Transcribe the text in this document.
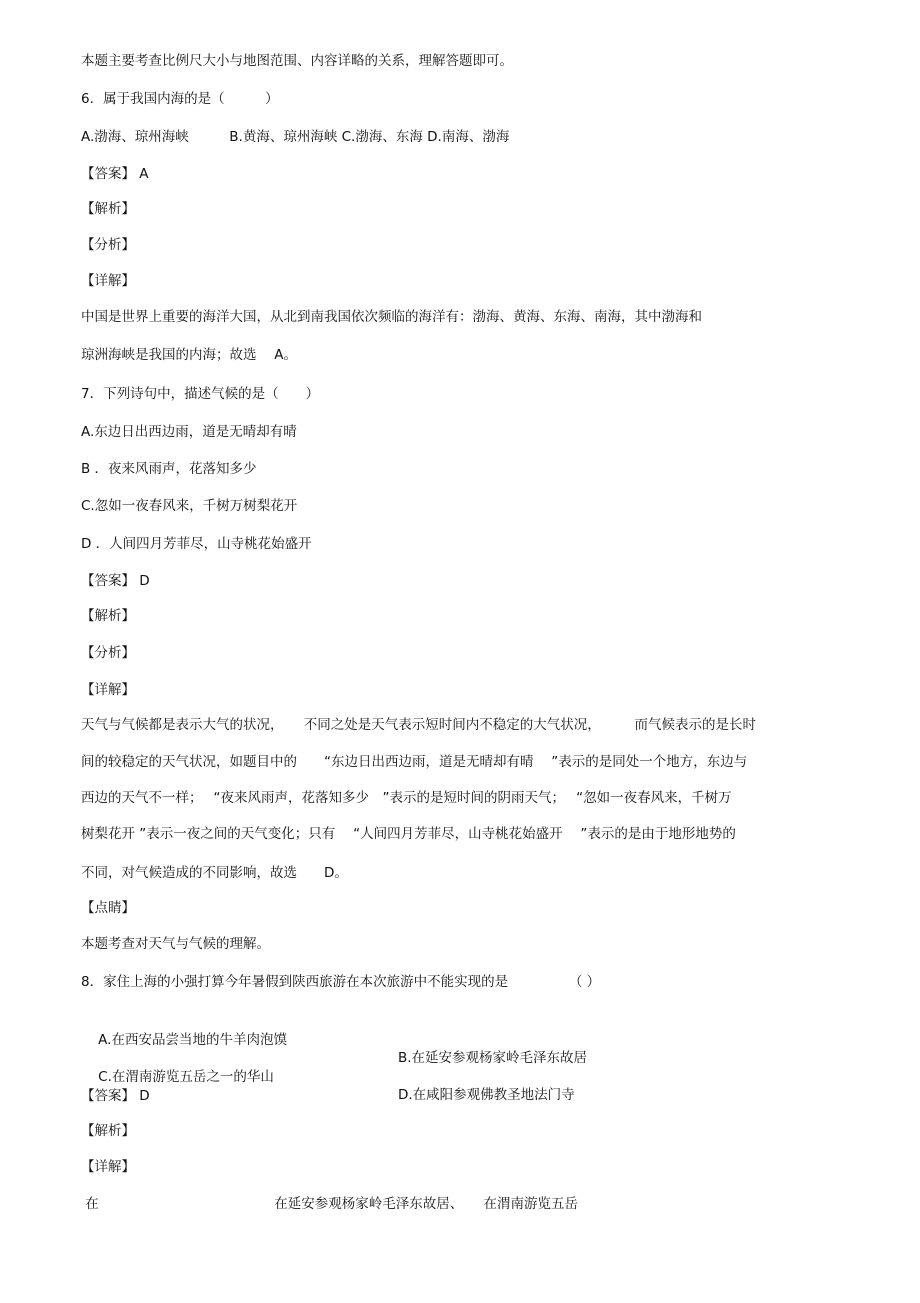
本题主要考查比例尺大小与地图范围、内容详略的关系，理解答题即可。
6．属于我国内海的是（　　　）
A.渤海、琼州海峡　　　B.黄海、琼州海峡 C.渤海、东海 D.南海、渤海
【答案】 A
【解析】
【分析】
【详解】
中国是世界上重要的海洋大国，从北到南我国依次频临的海洋有：渤海、黄海、东海、南海，其中渤海和
琼洲海峡是我国的内海；故选　 A。
7．下列诗句中，描述气候的是（　　）
A.东边日出西边雨，道是无晴却有晴
B ．夜来风雨声，花落知多少
C.忽如一夜春风来，千树万树梨花开
D ．人间四月芳菲尽，山寺桃花始盛开
【答案】 D
【解析】
【分析】
【详解】
天气与气候都是表示大气的状况，　　不同之处是天气表示短时间内不稳定的大气状况，　　　而气候表示的是长时
间的较稳定的天气状况，如题目中的　　“东边日出西边雨，道是无晴却有晴　 ”表示的是同处一个地方，东边与
西边的天气不一样；　 “夜来风雨声，花落知多少　”表示的是短时间的阴雨天气；　 “忽如一夜春风来，千树万
树梨花开 ”表示一夜之间的天气变化；只有　 “人间四月芳菲尽，山寺桃花始盛开　 ”表示的是由于地形地势的
不同，对气候造成的不同影响，故选　　D。
【点睛】
本题考查对天气与气候的理解。
8．家住上海的小强打算今年暑假到陕西旅游在本次旅游中不能实现的是　　　　　（ ）

A.在西安品尝当地的牛羊肉泡馍

B.在延安参观杨家岭毛泽东故居

C.在渭南游览五岳之一的华山

D.在咸阳参观佛教圣地法门寺

【答案】 D
【解析】
【详解】
在　　　　　　　　　　　　　在延安参观杨家岭毛泽东故居、　　在渭南游览五岳
